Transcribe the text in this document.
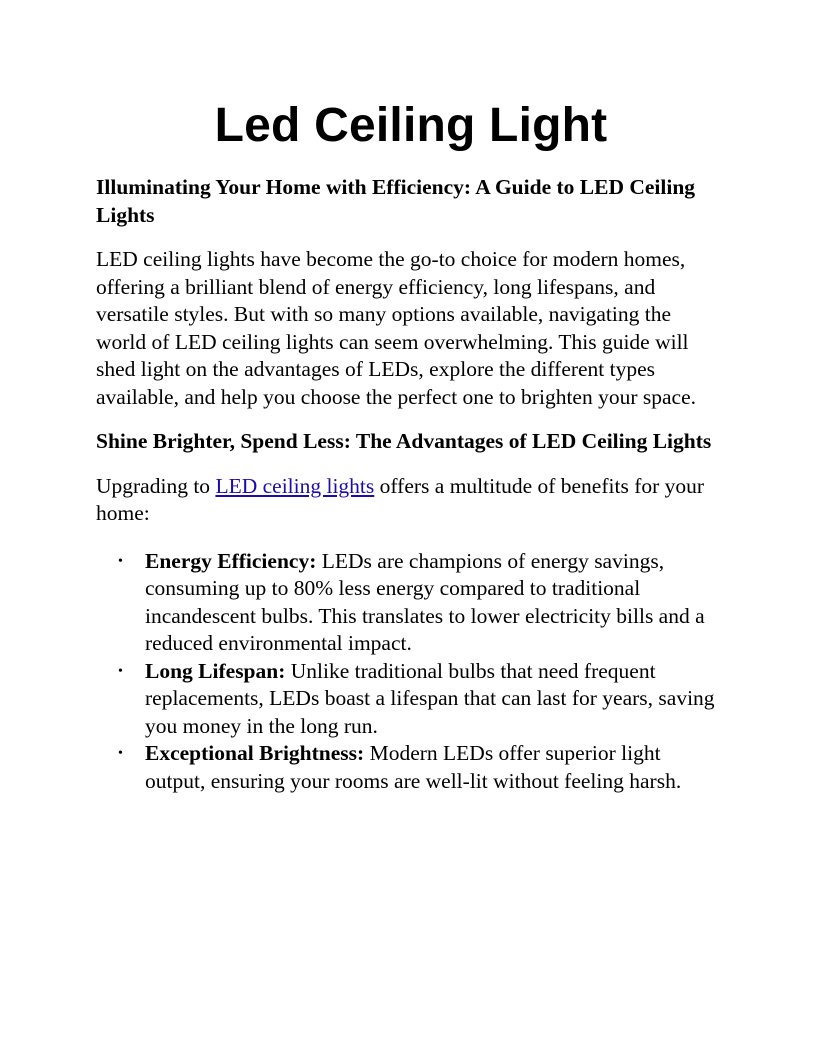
Led Ceiling Light
Illuminating Your Home with Efficiency: A Guide to LED Ceiling Lights

LED ceiling lights have become the go-to choice for modern homes, offering a brilliant blend of energy efficiency, long lifespans, and versatile styles. But with so many options available, navigating the world of LED ceiling lights can seem overwhelming. This guide will shed light on the advantages of LEDs, explore the different types available, and help you choose the perfect one to brighten your space.

Shine Brighter, Spend Less: The Advantages of LED Ceiling Lights

Upgrading to LED ceiling lights offers a multitude of benefits for your home:

• Energy Efficiency: LEDs are champions of energy savings, consuming up to 80% less energy compared to traditional incandescent bulbs. This translates to lower electricity bills and a reduced environmental impact.
• Long Lifespan: Unlike traditional bulbs that need frequent replacements, LEDs boast a lifespan that can last for years, saving you money in the long run.
• Exceptional Brightness: Modern LEDs offer superior light output, ensuring your rooms are well-lit without feeling harsh.
